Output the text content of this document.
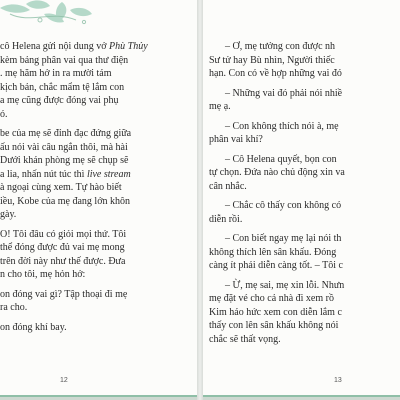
cô Helena gửi nội dung vở Phù Thủy
kèm bảng phân vai qua thư điện
. mẹ hăm hở in ra mười tám
kịch bản, chắc mẩm tệ lắm con
a mẹ cũng được đóng vai phụ
ó.
be của mẹ sẽ đỉnh đạc đứng giữa
ấu nói vài câu ngắn thôi, mà hài
Dưới khán phòng mẹ sẽ chụp sẽ
a lia, nhấn nút túc thì live stream
à ngoại cùng xem. Tự hào biết
iều, Kobe của mẹ đang lớn khôn
gày.
O! Tôi đâu có giỏi mọi thứ. Tôi
thể đóng được đủ vai mẹ mong
trên đời này như thế được. Đưa
n cho tôi, mẹ hỏn hở:
on đóng vai gì? Tập thoại đi mẹ
ra cho.
on đóng khí bay.
12
– Ơ, mẹ tưởng con được nh
Sư tử hay Bù nhìn, Người thiếc
hạn. Con có về hợp những vai đó
– Những vai đó phải nói nhiề
mẹ ạ.
– Con không thích nói à, mẹ
phân vai khí?
– Cô Helena quyết, bọn con
tự chọn. Đứa nào chủ động xin va
cân nhắc.
– Chắc cô thấy con không có
diễn rồi.
– Con biết ngay mẹ lại nói th
không thích lên sân khấu. Đóng
càng ít phải diễn càng tốt. – Tôi c
– Ừ, mẹ sai, mẹ xin lỗi. Nhưn
mẹ đặt vé cho cả nhà đi xem rồ
Kim háo hức xem con diễn lắm c
thấy con lên sân khấu không nói
chắc sẽ thất vọng.
13
